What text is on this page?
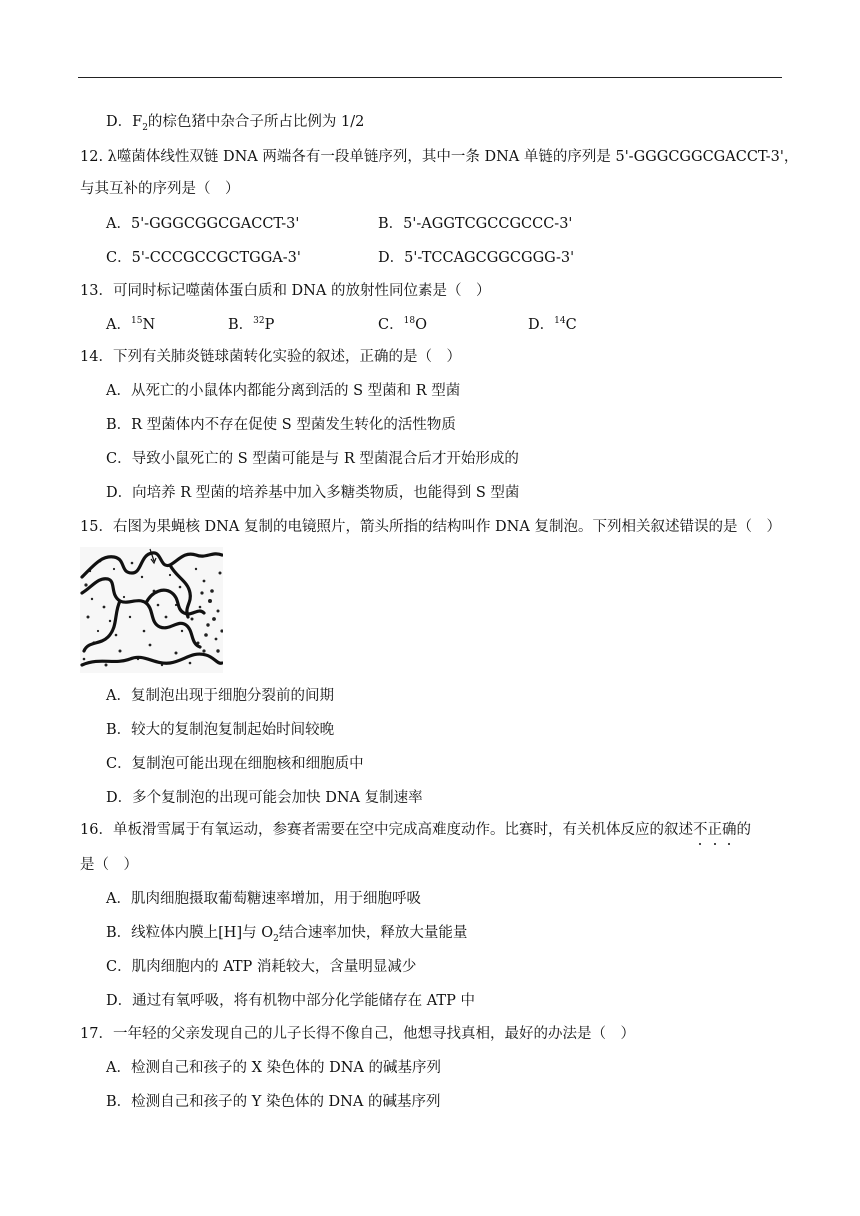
D．$F_2$的棕色猪中杂合子所占比例为 1/2
12. λ噬菌体线性双链 DNA 两端各有一段单链序列，其中一条 DNA 单链的序列是 5'-GGGCGGCGACCT-3'，
与其互补的序列是（　）
A．5'-GGGCGGCGACCT-3'	B．5'-AGGTCGCCGCCC-3'
C．5'-CCCGCCGCTGGA-3'	D．5'-TCCAGCGGCGGG-3'
13．可同时标记噬菌体蛋白质和 DNA 的放射性同位素是（　）
A．$^{15}$N	B．$^{32}$P	C．$^{18}$O	D．$^{14}$C
14．下列有关肺炎链球菌转化实验的叙述，正确的是（　）
A．从死亡的小鼠体内都能分离到活的 S 型菌和 R 型菌
B．R 型菌体内不存在促使 S 型菌发生转化的活性物质
C．导致小鼠死亡的 S 型菌可能是与 R 型菌混合后才开始形成的
D．向培养 R 型菌的培养基中加入多糖类物质，也能得到 S 型菌
15．右图为果蝇核 DNA 复制的电镜照片，箭头所指的结构叫作 DNA 复制泡。下列相关叙述错误的是（　）
A．复制泡出现于细胞分裂前的间期
B．较大的复制泡复制起始时间较晚
C．复制泡可能出现在细胞核和细胞质中
D．多个复制泡的出现可能会加快 DNA 复制速率
16．单板滑雪属于有氧运动，参赛者需要在空中完成高难度动作。比赛时，有关机体反应的叙述不正确
的
是（　）
A．肌肉细胞摄取葡萄糖速率增加，用于细胞呼吸
B．线粒体内膜上[H]与 $O_2$结合速率加快，释放大量能量
C．肌肉细胞内的 ATP 消耗较大，含量明显减少
D．通过有氧呼吸，将有机物中部分化学能储存在 ATP 中
17．一年轻的父亲发现自己的儿子长得不像自己，他想寻找真相，最好的办法是（　）
A．检测自己和孩子的 X 染色体的 DNA 的碱基序列
B．检测自己和孩子的 Y 染色体的 DNA 的碱基序列
